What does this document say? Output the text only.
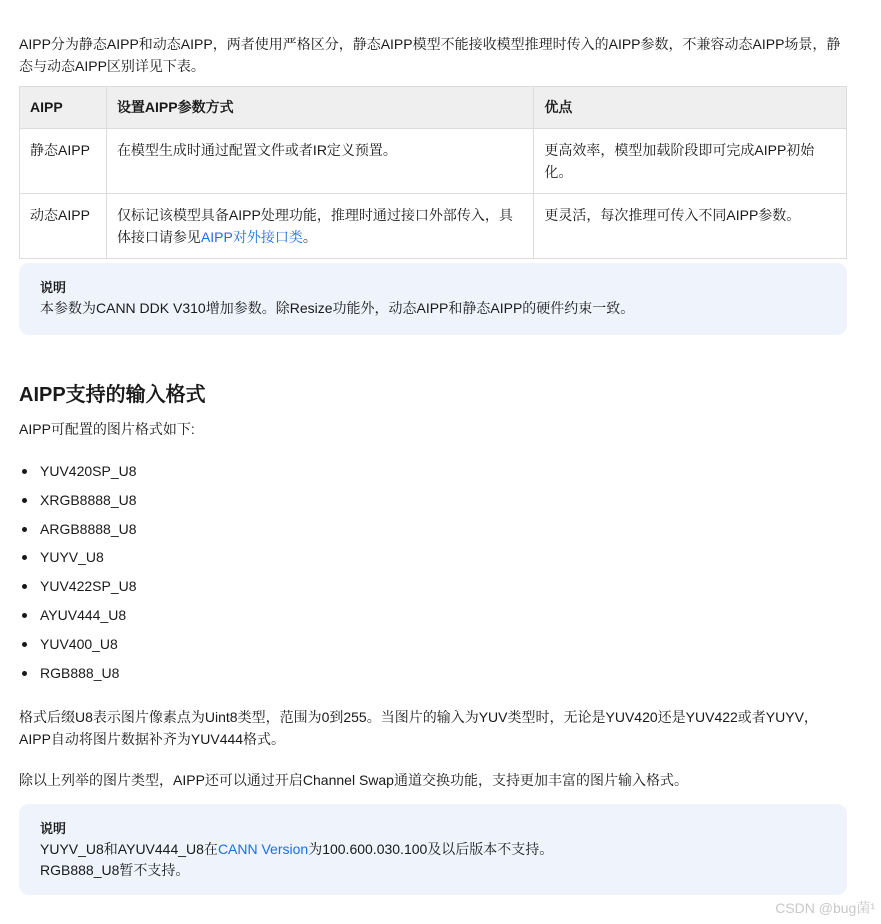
AIPP分为静态AIPP和动态AIPP，两者使用严格区分，静态AIPP模型不能接收模型推理时传入的AIPP参数，不兼容动态AIPP场景，静态与动态AIPP区别详见下表。

AIPP	设置AIPP参数方式	优点
静态AIPP	在模型生成时通过配置文件或者IR定义预置。	更高效率，模型加载阶段即可完成AIPP初始化。
动态AIPP	仅标记该模型具备AIPP处理功能，推理时通过接口外部传入，具体接口请参见AIPP对外接口类。	更灵活，每次推理可传入不同AIPP参数。
说明
本参数为CANN DDK V310增加参数。除Resize功能外，动态AIPP和静态AIPP的硬件约束一致。
AIPP支持的输入格式

AIPP可配置的图片格式如下:

YUV420SP_U8
XRGB8888_U8
ARGB8888_U8
YUYV_U8
YUV422SP_U8
AYUV444_U8
YUV400_U8
RGB888_U8

格式后缀U8表示图片像素点为Uint8类型，范围为0到255。当图片的输入为YUV类型时，无论是YUV420还是YUV422或者YUYV，AIPP自动将图片数据补齐为YUV444格式。

除以上列举的图片类型，AIPP还可以通过开启Channel Swap通道交换功能，支持更加丰富的图片输入格式。

说明
YUYV_U8和AYUV444_U8在CANN Version为100.600.030.100及以后版本不支持。
RGB888_U8暂不支持。
CSDN @bug菌¹
